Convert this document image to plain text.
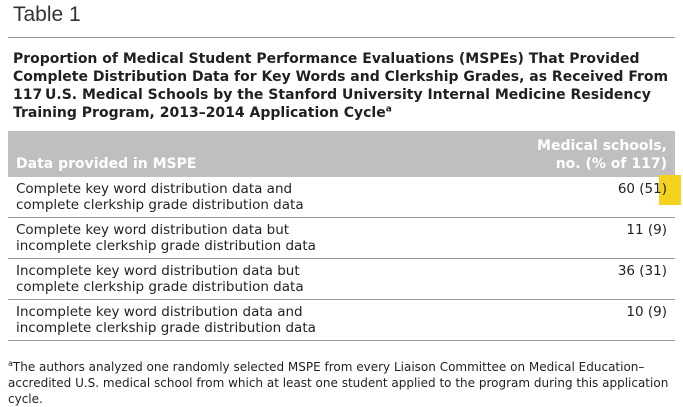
Table 1

Proportion of Medical Student Performance Evaluations (MSPEs) That Provided Complete Distribution Data for Key Words and Clerkship Grades, as Received From 117 U.S. Medical Schools by the Stanford University Internal Medicine Residency Training Program, 2013–2014 Application Cycle$^a$

Data provided in MSPE	Medical schools,
no. (% of 117)
Complete key word distribution data and complete clerkship grade distribution data	60 (51)
Complete key word distribution data but incomplete clerkship grade distribution data	11 (9)
Incomplete key word distribution data but complete clerkship grade distribution data	36 (31)
Incomplete key word distribution data and incomplete clerkship grade distribution data	10 (9)

$^a$The authors analyzed one randomly selected MSPE from every Liaison Committee on Medical Education–accredited U.S. medical school from which at least one student applied to the program during this application cycle.
